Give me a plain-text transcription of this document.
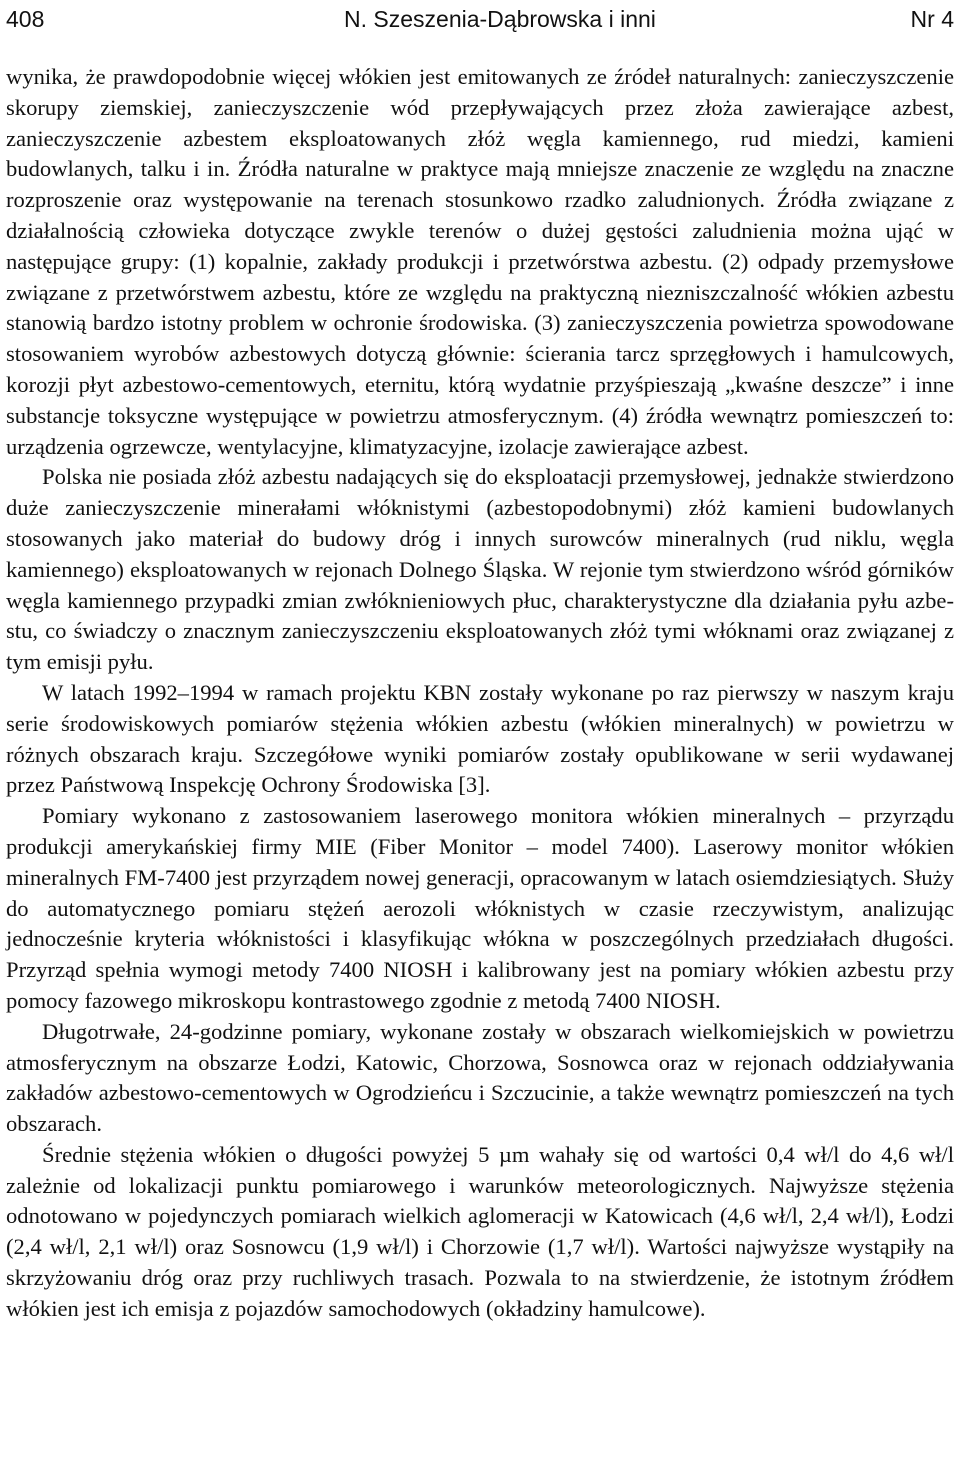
408	N. Szeszenia-Dąbrowska i inni	Nr 4

wynika, że prawdopodobnie więcej włókien jest emitowanych ze źródeł naturalnych: zanieczyszczenie skorupy ziemskiej, zanieczyszczenie wód przepływających przez złoża zawierające azbest, zanieczyszczenie azbestem eksploatowanych złóż węgla kamiennego, rud miedzi, kamieni budowlanych, talku i in. Źródła naturalne w praktyce mają mniejsze znaczenie ze względu na znaczne rozproszenie oraz występowanie na terenach stosunkowo rzadko zaludnionych. Źródła związane z działalnością człowieka dotyczące zwykle terenów o dużej gęstości zaludnienia można ująć w następujące grupy: (1) kopalnie, zakłady produkcji i przetwórstwa azbestu. (2) odpady przemysłowe związane z przetwórstwem azbestu, które ze względu na praktyczną niezniszczalność włókien azbestu stanowią bardzo istotny problem w ochronie środowiska. (3) zanieczyszczenia powietrza spowodowane stosowaniem wyrobów azbestowych dotyczą głównie: ścierania tarcz sprzęgłowych i hamulcowych, korozji płyt azbestowo-cementowych, eternitu, którą wydatnie przyśpieszają „kwaśne deszcze” i inne substancje toksyczne występujące w powietrzu atmosferycznym. (4) źródła wewnątrz pomieszczeń to: urządzenia ogrzewcze, wentylacyjne, klimatyzacyjne, izolacje zawierające azbest.

Polska nie posiada złóż azbestu nadających się do eksploatacji przemysłowej, jednakże stwierdzono duże zanieczyszczenie minerałami włóknistymi (azbestopodobnymi) złóż kamieni budowlanych stosowanych jako materiał do budowy dróg i innych surowców mineralnych (rud niklu, węgla kamiennego) eksploatowanych w rejonach Dolnego Śląska. W rejonie tym stwierdzono wśród górników węgla kamiennego przypadki zmian zwłóknieniowych płuc, charakterystyczne dla działania pyłu azbestu, co świadczy o znacznym zanieczyszczeniu eksploatowanych złóż tymi włóknami oraz związanej z tym emisji pyłu.

W latach 1992–1994 w ramach projektu KBN zostały wykonane po raz pierwszy w naszym kraju serie środowiskowych pomiarów stężenia włókien azbestu (włókien mineralnych) w powietrzu w różnych obszarach kraju. Szczegółowe wyniki pomiarów zostały opublikowane w serii wydawanej przez Państwową Inspekcję Ochrony Środowiska [3].

Pomiary wykonano z zastosowaniem laserowego monitora włókien mineralnych – przyrządu produkcji amerykańskiej firmy MIE (Fiber Monitor – model 7400). Laserowy monitor włókien mineralnych FM-7400 jest przyrządem nowej generacji, opracowanym w latach osiemdziesiątych. Służy do automatycznego pomiaru stężeń aerozoli włóknistych w czasie rzeczywistym, analizując jednocześnie kryteria włóknistości i klasyfikując włókna w poszczególnych przedziałach długości. Przyrząd spełnia wymogi metody 7400 NIOSH i kalibrowany jest na pomiary włókien azbestu przy pomocy fazowego mikroskopu kontrastowego zgodnie z metodą 7400 NIOSH.

Długotrwałe, 24-godzinne pomiary, wykonane zostały w obszarach wielkomiejskich w powietrzu atmosferycznym na obszarze Łodzi, Katowic, Chorzowa, Sosnowca oraz w rejonach oddziaływania zakładów azbestowo-cementowych w Ogrodzieńcu i Szczucinie, a także wewnątrz pomieszczeń na tych obszarach.

Średnie stężenia włókien o długości powyżej 5 µm wahały się od wartości 0,4 wł/l do 4,6 wł/l zależnie od lokalizacji punktu pomiarowego i warunków meteorologicznych. Najwyższe stężenia odnotowano w pojedynczych pomiarach wielkich aglomeracji w Katowicach (4,6 wł/l, 2,4 wł/l), Łodzi (2,4 wł/l, 2,1 wł/l) oraz Sosnowcu (1,9 wł/l) i Chorzowie (1,7 wł/l). Wartości najwyższe wystąpiły na skrzyżowaniu dróg oraz przy ruchliwych trasach. Pozwala to na stwierdzenie, że istotnym źródłem włókien jest ich emisja z pojazdów samochodowych (okładziny hamulcowe).
